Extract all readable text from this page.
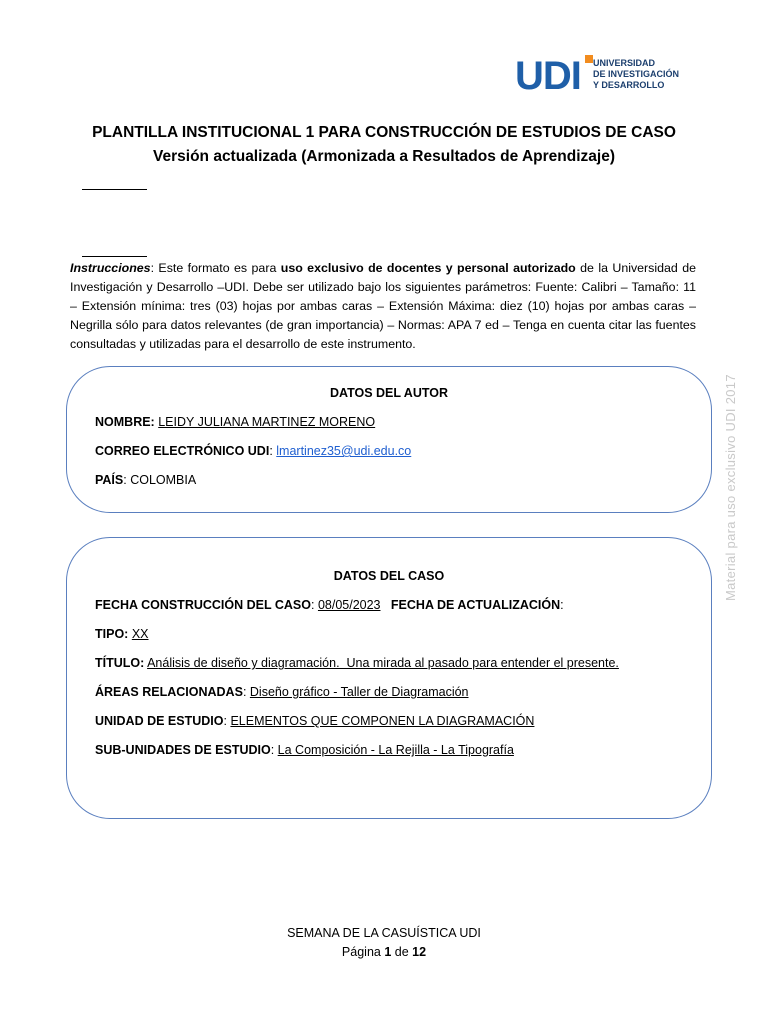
UDI UNIVERSIDAD
DE INVESTIGACIÓN
Y DESARROLLO
PLANTILLA INSTITUCIONAL 1 PARA CONSTRUCCIÓN DE ESTUDIOS DE CASO
Versión actualizada (Armonizada a Resultados de Aprendizaje)
Instrucciones: Este formato es para uso exclusivo de docentes y personal autorizado de la Universidad de Investigación y Desarrollo –UDI. Debe ser utilizado bajo los siguientes parámetros: Fuente: Calibri – Tamaño: 11 – Extensión mínima: tres (03) hojas por ambas caras – Extensión Máxima: diez (10) hojas por ambas caras – Negrilla sólo para datos relevantes (de gran importancia) – Normas: APA 7 ed – Tenga en cuenta citar las fuentes consultadas y utilizadas para el desarrollo de este instrumento.
Material para uso exclusivo UDI 2017
DATOS DEL AUTOR
NOMBRE: LEIDY JULIANA MARTINEZ MORENO
CORREO ELECTRÓNICO UDI: lmartinez35@udi.edu.co
PAÍS: COLOMBIA
DATOS DEL CASO
FECHA CONSTRUCCIÓN DEL CASO: 08/05/2023 FECHA DE ACTUALIZACIÓN:
TIPO: XX
TÍTULO: Análisis de diseño y diagramación.  Una mirada al pasado para entender el presente.
ÁREAS RELACIONADAS: Diseño gráfico - Taller de Diagramación
UNIDAD DE ESTUDIO: ELEMENTOS QUE COMPONEN LA DIAGRAMACIÓN
SUB-UNIDADES DE ESTUDIO: La Composición - La Rejilla - La Tipografía
SEMANA DE LA CASUÍSTICA UDI
Página 1 de 12
